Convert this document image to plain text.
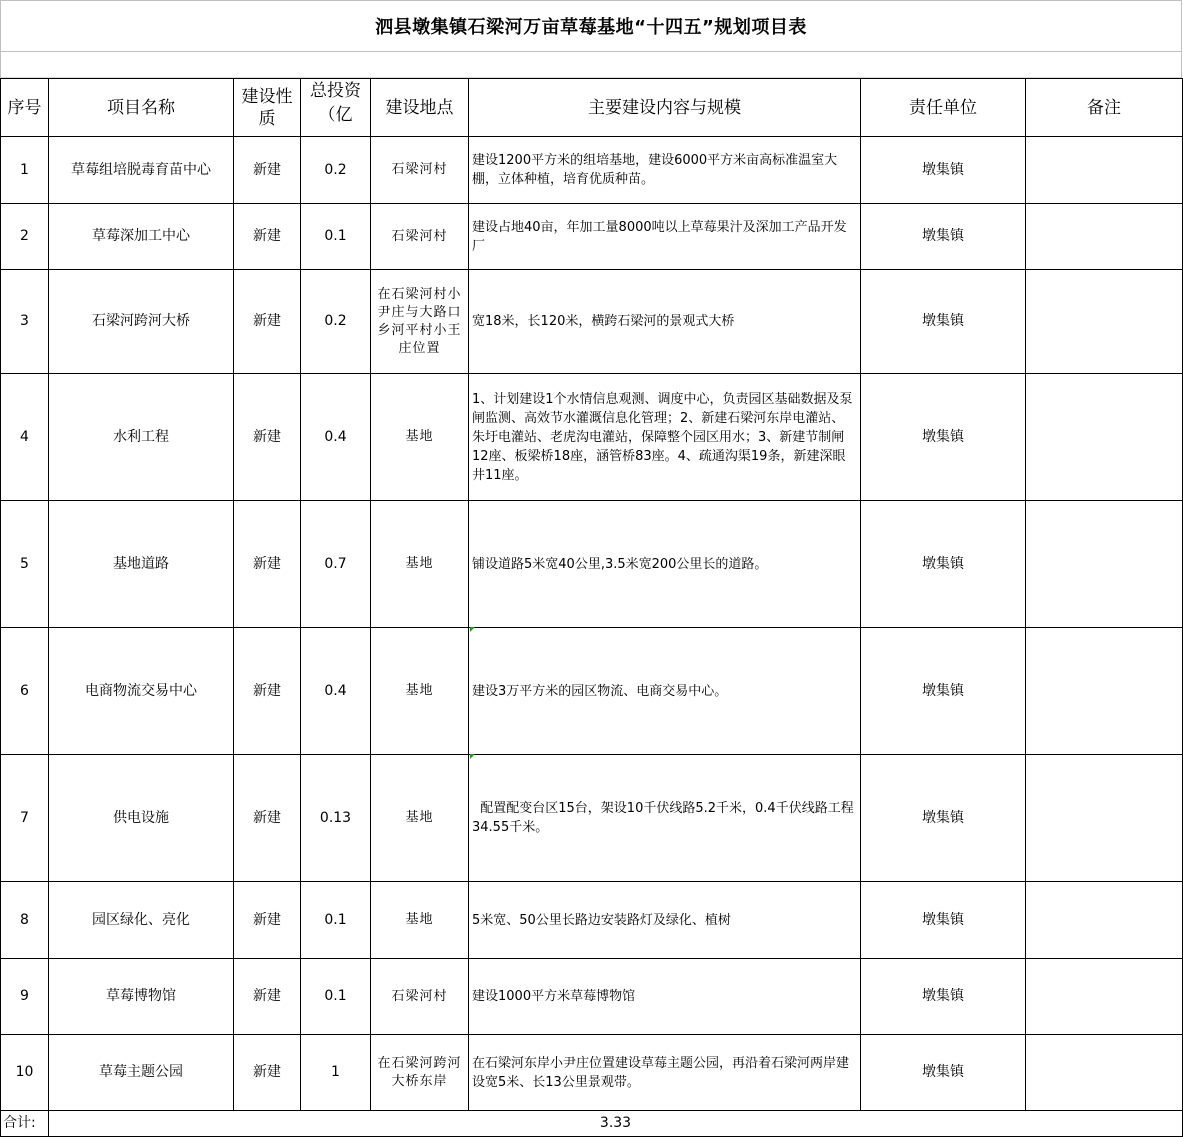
泗县墩集镇石梁河万亩草莓基地“十四五”规划项目表
序号	项目名称	建设性质	总投资（亿	建设地点	主要建设内容与规模	责任单位	备注
1	草莓组培脱毒育苗中心	新建	0.2	石梁河村	建设1200平方米的组培基地，建设6000平方米亩高标准温室大棚，立体种植，培育优质种苗。	墩集镇	
2	草莓深加工中心	新建	0.1	石梁河村	建设占地40亩，年加工量8000吨以上草莓果汁及深加工产品开发厂	墩集镇	
3	石梁河跨河大桥	新建	0.2	在石梁河村小尹庄与大路口乡河平村小王庄位置	宽18米，长120米，横跨石梁河的景观式大桥	墩集镇	
4	水利工程	新建	0.4	基地	1、计划建设1个水情信息观测、调度中心，负责园区基础数据及泵闸监测、高效节水灌溉信息化管理；2、新建石梁河东岸电灌站、朱圩电灌站、老虎沟电灌站，保障整个园区用水；3、新建节制闸12座、板梁桥18座，涵管桥83座。4、疏通沟渠19条，新建深眼井11座。	墩集镇	
5	基地道路	新建	0.7	基地	铺设道路5米宽40公里,3.5米宽200公里长的道路。	墩集镇	
6	电商物流交易中心	新建	0.4	基地	建设3万平方米的园区物流、电商交易中心。	墩集镇	
7	供电设施	新建	0.13	基地	配置配变台区15台，架设10千伏线路5.2千米，0.4千伏线路工程34.55千米。	墩集镇	
8	园区绿化、亮化	新建	0.1	基地	5米宽、50公里长路边安装路灯及绿化、植树	墩集镇	
9	草莓博物馆	新建	0.1	石梁河村	建设1000平方米草莓博物馆	墩集镇	
10	草莓主题公园	新建	1	在石梁河跨河大桥东岸	在石梁河东岸小尹庄位置建设草莓主题公园，再沿着石梁河两岸建设宽5米、长13公里景观带。	墩集镇	
合计:	3.33						
